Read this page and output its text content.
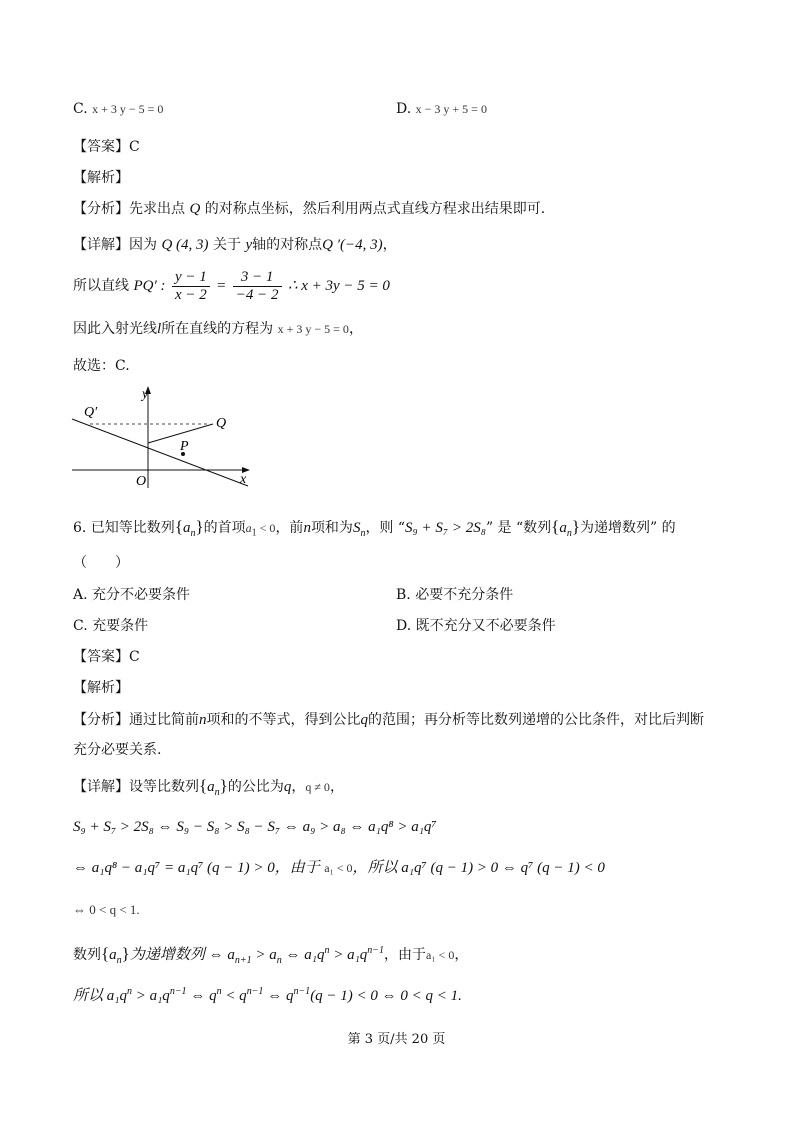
C. x + 3 y − 5 = 0	D. x − 3 y + 5 = 0
【答案】C
【解析】
【分析】先求出点 Q 的对称点坐标，然后利用两点式直线方程求出结果即可.
【详解】因为 Q (4, 3) 关于 y轴的对称点Q ′(−4, 3)，
所以直线 PQ′ : $\frac{y - 1}{x - 2} = \frac{3 - 1}{-4 - 2}$ ∴ x + 3y − 5 = 0
因此入射光线l所在直线的方程为 x + 3 y − 5 = 0，
故选：C.
y
x
O
Q
Q′
P
6. 已知等比数列$\{a_n\}$的首项$a_1 < 0$，前n项和为$S_n$，则 “S₉ + S₇ > 2S₈” 是 “数列$\{a_n\}$为递增数列” 的
（　　）
A. 充分不必要条件	B. 必要不充分条件
C. 充要条件	D. 既不充分又不必要条件
【答案】C
【解析】
【分析】通过比简前n项和的不等式，得到公比q的范围；再分析等比数列递增的公比条件，对比后判断
充分必要关系.
【详解】设等比数列$\{a_n\}$的公比为q，q ≠ 0，
S₉ + S₇ > 2S₈ ⇔ S₉ − S₈ > S₈ − S₇ ⇔ a₉ > a₈ ⇔ a₁q⁸ > a₁q⁷
⇔ a₁q⁸ − a₁q⁷ = a₁q⁷ (q − 1) > 0，由于 a₁ < 0，所以 a₁q⁷ (q − 1) > 0 ⇔ q⁷ (q − 1) < 0
⇔ 0 < q < 1.
数列$\{a_n\}$为递增数列 ⇔ $a_{n+1} > a_n$ ⇔ $a_1q^n > a_1q^{n-1}$，由于a₁ < 0，
所以 $a_1q^n > a_1q^{n-1}$ ⇔ $q^n < q^{n-1}$ ⇔ $q^{n-1}(q - 1) < 0$ ⇔ 0 < q < 1.
第 3 页/共 20 页
